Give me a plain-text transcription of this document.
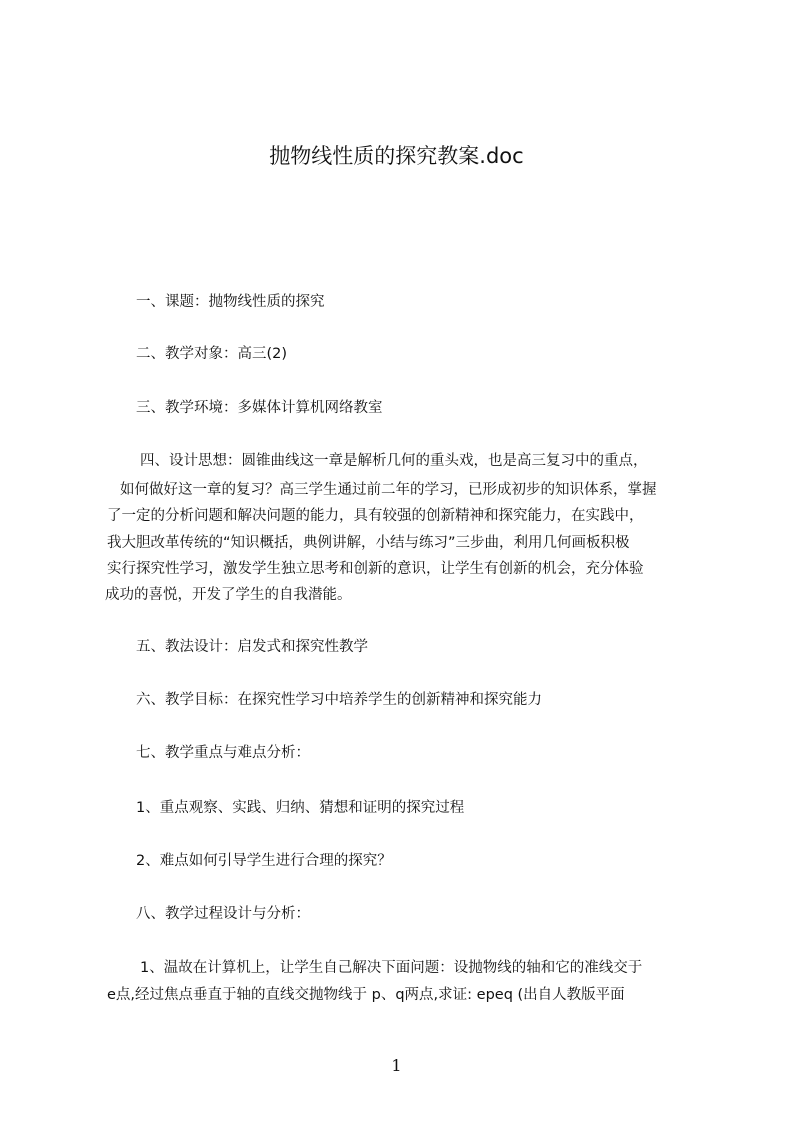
抛物线性质的探究教案.doc
一、课题：抛物线性质的探究
二、教学对象：高三(2)
三、教学环境：多媒体计算机网络教室
四、设计思想：圆锥曲线这一章是解析几何的重头戏，也是高三复习中的重点，
如何做好这一章的复习？高三学生通过前二年的学习，已形成初步的知识体系，掌握
了一定的分析问题和解决问题的能力，具有较强的创新精神和探究能力，在实践中，
我大胆改革传统的“知识概括，典例讲解，小结与练习”三步曲，利用几何画板积极
实行探究性学习，激发学生独立思考和创新的意识，让学生有创新的机会，充分体验
成功的喜悦，开发了学生的自我潜能。
五、教法设计：启发式和探究性教学
六、教学目标：在探究性学习中培养学生的创新精神和探究能力
七、教学重点与难点分析：
1、重点观察、实践、归纳、猜想和证明的探究过程
2、难点如何引导学生进行合理的探究？
八、教学过程设计与分析：
1、温故在计算机上，让学生自己解决下面问题：设抛物线的轴和它的准线交于
e点,经过焦点垂直于轴的直线交抛物线于 p、q两点,求证: epeq (出自人教版平面
1
